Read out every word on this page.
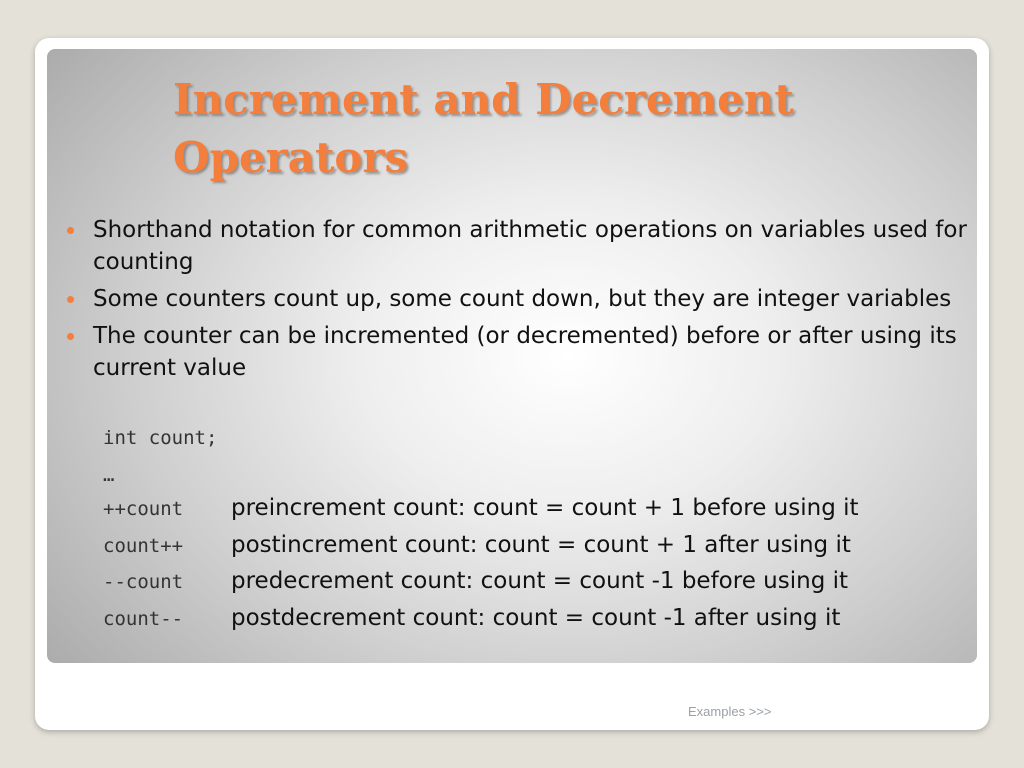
Increment and Decrement Operators
Shorthand notation for common arithmetic operations on variables used for counting
Some counters count up, some count down, but they are integer variables
The counter can be incremented (or decremented) before or after using its current value

int count;

…

++count preincrement count: count = count + 1 before using it
count++ postincrement count: count = count + 1 after using it
--count predecrement count: count = count -1 before using it
count-- postdecrement count: count = count -1 after using it
Examples >>>
